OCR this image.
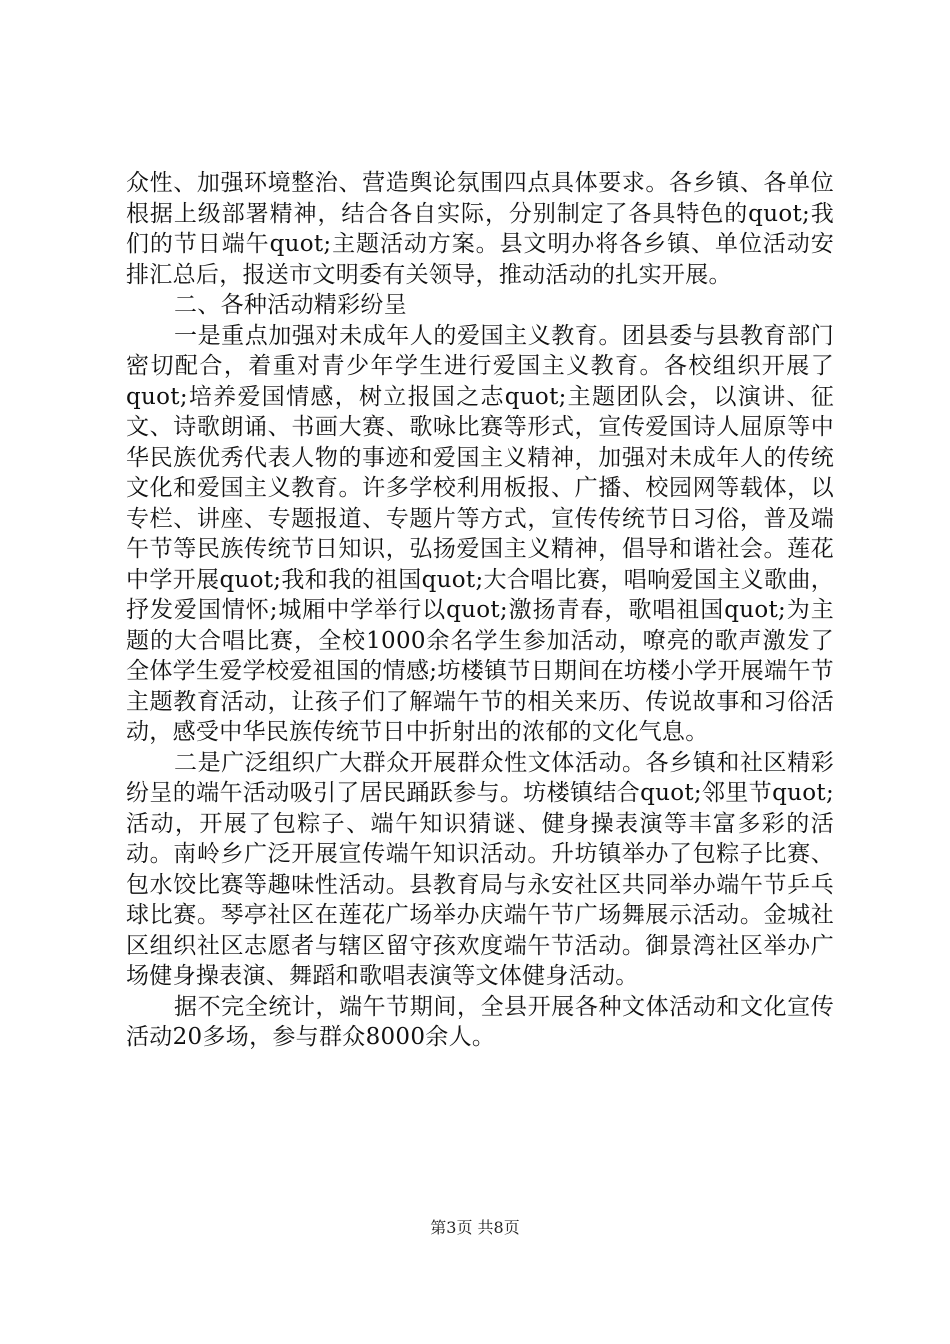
众性、加强环境整治、营造舆论氛围四点具体要求。各乡镇、各单位根据上级部署精神，结合各自实际，分别制定了各具特色的quot;我们的节日端午quot;主题活动方案。县文明办将各乡镇、单位活动安排汇总后，报送市文明委有关领导，推动活动的扎实开展。

二、各种活动精彩纷呈

一是重点加强对未成年人的爱国主义教育。团县委与县教育部门密切配合，着重对青少年学生进行爱国主义教育。各校组织开展了quot;培养爱国情感，树立报国之志quot;主题团队会，以演讲、征文、诗歌朗诵、书画大赛、歌咏比赛等形式，宣传爱国诗人屈原等中华民族优秀代表人物的事迹和爱国主义精神，加强对未成年人的传统文化和爱国主义教育。许多学校利用板报、广播、校园网等载体，以专栏、讲座、专题报道、专题片等方式，宣传传统节日习俗，普及端午节等民族传统节日知识，弘扬爱国主义精神，倡导和谐社会。莲花中学开展quot;我和我的祖国quot;大合唱比赛，唱响爱国主义歌曲，抒发爱国情怀;城厢中学举行以quot;激扬青春，歌唱祖国quot;为主题的大合唱比赛，全校1000余名学生参加活动，嘹亮的歌声激发了全体学生爱学校爱祖国的情感;坊楼镇节日期间在坊楼小学开展端午节主题教育活动，让孩子们了解端午节的相关来历、传说故事和习俗活动，感受中华民族传统节日中折射出的浓郁的文化气息。

二是广泛组织广大群众开展群众性文体活动。各乡镇和社区精彩纷呈的端午活动吸引了居民踊跃参与。坊楼镇结合quot;邻里节quot;活动，开展了包粽子、端午知识猜谜、健身操表演等丰富多彩的活动。南岭乡广泛开展宣传端午知识活动。升坊镇举办了包粽子比赛、包水饺比赛等趣味性活动。县教育局与永安社区共同举办端午节乒乓球比赛。琴亭社区在莲花广场举办庆端午节广场舞展示活动。金城社区组织社区志愿者与辖区留守孩欢度端午节活动。御景湾社区举办广场健身操表演、舞蹈和歌唱表演等文体健身活动。

据不完全统计，端午节期间，全县开展各种文体活动和文化宣传活动20多场，参与群众8000余人。

第3页 共8页
